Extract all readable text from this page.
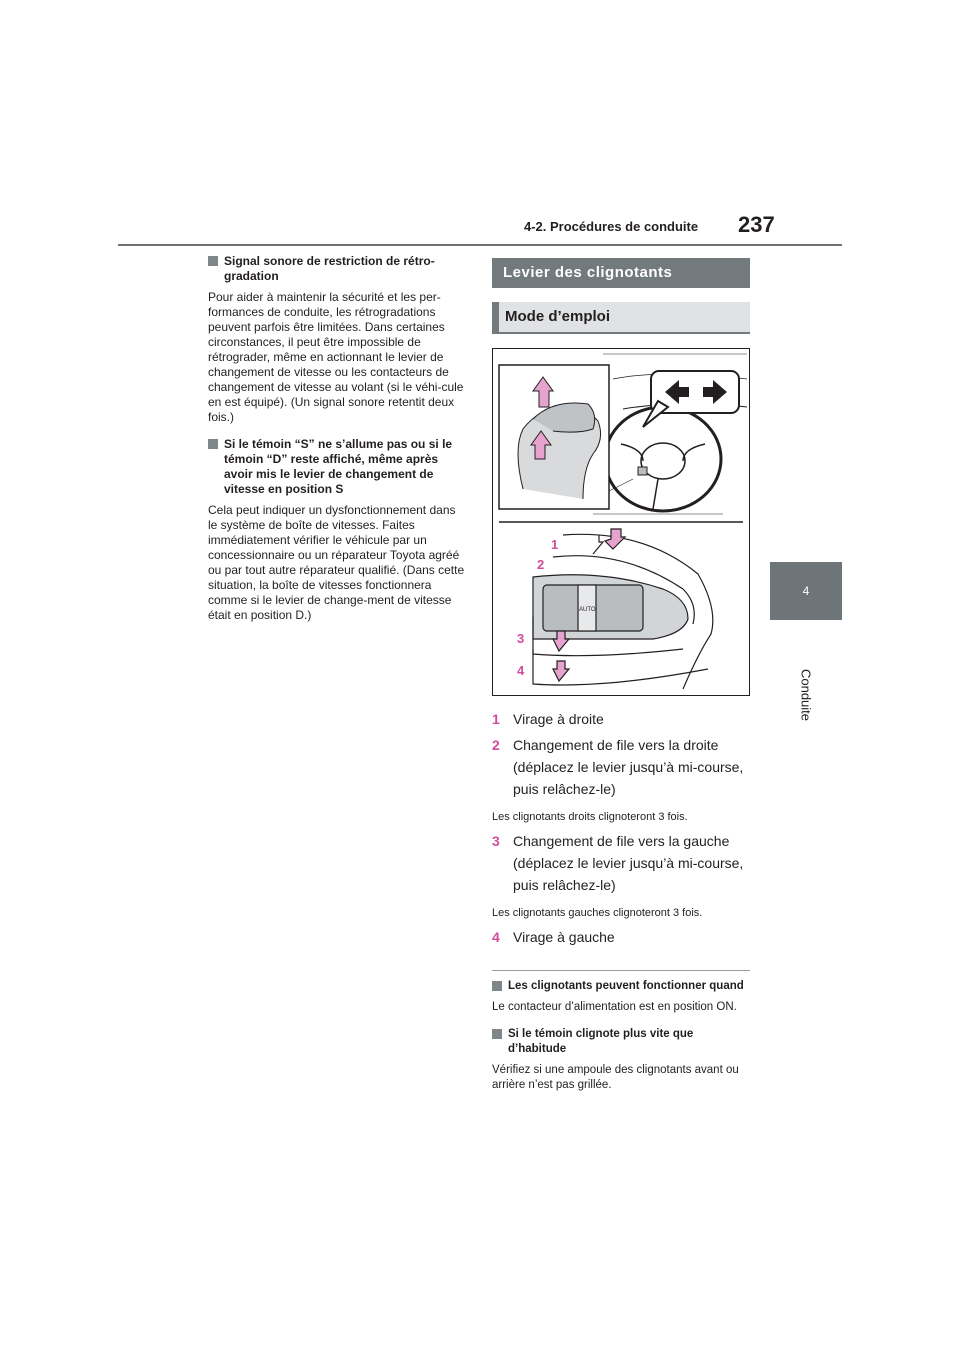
4-2. Procédures de conduite 237
4
Conduite
Signal sonore de restriction de rétro-gradation

Pour aider à maintenir la sécurité et les per-formances de conduite, les rétrogradations peuvent parfois être limitées. Dans certaines circonstances, il peut être impossible de rétrograder, même en actionnant le levier de changement de vitesse ou les contacteurs de changement de vitesse au volant (si le véhi-cule en est équipé). (Un signal sonore retentit deux fois.)

Si le témoin “S” ne s’allume pas ou si le témoin “D” reste affiché, même après avoir mis le levier de changement de vitesse en position S

Cela peut indiquer un dysfonctionnement dans le système de boîte de vitesses. Faites immédiatement vérifier le véhicule par un concessionnaire ou un réparateur Toyota agréé ou par tout autre réparateur qualifié. (Dans cette situation, la boîte de vitesses fonctionnera comme si le levier de change-ment de vitesse était en position D.)

Levier des clignotants
Mode d’emploi
AUTO
1
2
3
4
1 Virage à droite
2 Changement de file vers la droite (déplacez le levier jusqu’à mi-course, puis relâchez-le)
Les clignotants droits clignoteront 3 fois.
3 Changement de file vers la gauche (déplacez le levier jusqu’à mi-course, puis relâchez-le)
Les clignotants gauches clignoteront 3 fois.
4 Virage à gauche
Les clignotants peuvent fonctionner quand

Le contacteur d’alimentation est en position ON.

Si le témoin clignote plus vite que d’habitude

Vérifiez si une ampoule des clignotants avant ou arrière n’est pas grillée.
